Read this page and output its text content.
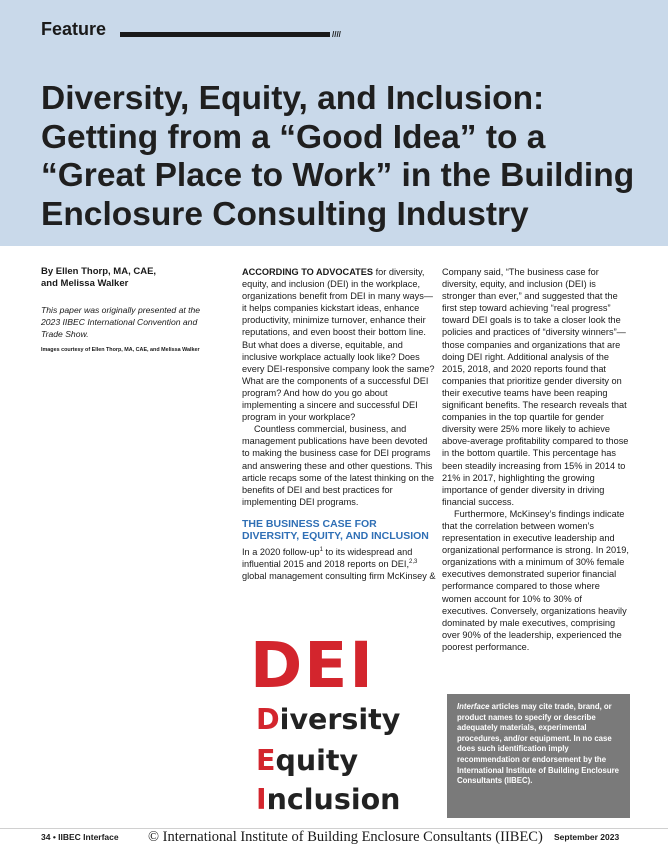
Feature	////
Diversity, Equity, and Inclusion: Getting from a “Good Idea” to a “Great Place to Work” in the Building Enclosure Consulting Industry
By Ellen Thorp, MA, CAE,
and Melissa Walker
This paper was originally presented at the 2023 IIBEC International Convention and Trade Show.
Images courtesy of Ellen Thorp, MA, CAE, and Melissa Walker

ACCORDING TO ADVOCATES for diversity, equity, and inclusion (DEI) in the workplace, organizations benefit from DEI in many ways—it helps companies kickstart ideas, enhance productivity, minimize turnover, enhance their reputations, and even boost their bottom line. But what does a diverse, equitable, and inclusive workplace actually look like? Does every DEI-responsive company look the same? What are the components of a successful DEI program? And how do you go about implementing a sincere and successful DEI program in your workplace?

Countless commercial, business, and management publications have been devoted to making the business case for DEI programs and answering these and other questions. This article recaps some of the latest thinking on the benefits of DEI and best practices for implementing DEI programs.

THE BUSINESS CASE FOR DIVERSITY, EQUITY, AND INCLUSION

In a 2020 follow-$up^1$ to its widespread and influential 2015 and 2018 reports on DEI,$^{2,3}$ global management consulting firm McKinsey &

Company said, “The business case for diversity, equity, and inclusion (DEI) is stronger than ever,” and suggested that the first step toward achieving “real progress” toward DEI goals is to take a closer look the policies and practices of “diversity winners”—those companies and organizations that are doing DEI right. Additional analysis of the 2015, 2018, and 2020 reports found that companies that prioritize gender diversity on their executive teams have been reaping significant benefits. The research reveals that companies in the top quartile for gender diversity were 25% more likely to achieve above-average profitability compared to those in the bottom quartile. This percentage has been steadily increasing from 15% in 2014 to 21% in 2017, highlighting the growing importance of gender diversity in driving financial success.

Furthermore, McKinsey’s findings indicate that the correlation between women’s representation in executive leadership and organizational performance is strong. In 2019, organizations with a minimum of 30% female executives demonstrated superior financial performance compared to those where women account for 10% to 30% of executives. Conversely, organizations heavily dominated by male executives, comprising over 90% of the leadership, experienced the poorest performance.

DEI
Diversity
Equity
Inclusion
Interface articles may cite trade, brand, or product names to specify or describe adequately materials, experimental procedures, and/or equipment. In no case does such identification imply recommendation or endorsement by the International Institute of Building Enclosure Consultants (IIBEC).
34 • IIBEC Interface © International Institute of Building Enclosure Consultants (IIBEC) September 2023
